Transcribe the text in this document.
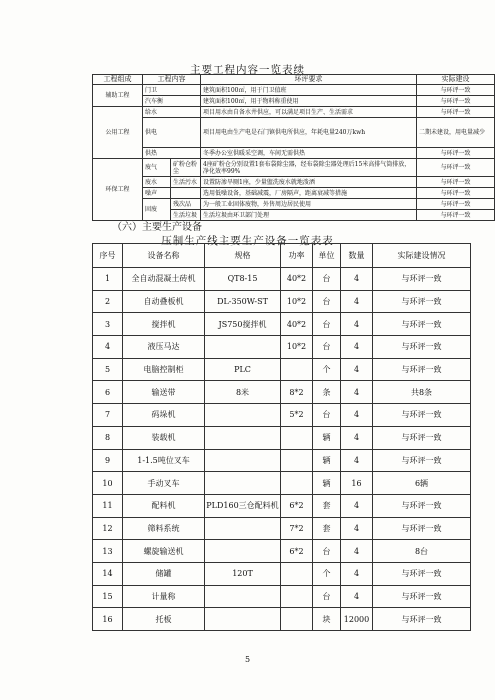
主要工程内容一览表续
工程组成	工程内容		环评要求	实际建设
辅助工程	门卫		建筑面积100㎡，用于门卫值班	与环评一致
	汽车衡		建筑面积100㎡，用于物料称重使用	与环评一致
公用工程	给水		项目用水由自备水井供应，可以满足项目生产、生活需求	与环评一致
	供电		项目用电由生产电是石门镇供电所供应，年耗电量240万kwh	二期未建设，用电量减少
	供热		冬季办公室供暖采空调，车间无需供热	与环评一致
环保工程	废气	矿粉仓粉尘	4座矿粉仓分别设置1套布袋除尘器，经布袋除尘器处理后15米高排气筒排放，净化效率99%	与环评一致
	废水	生活污水	设置防渗旱厕1座，少量盥洗废水就地泼洒	与环评一致
	噪声		选用低噪设备，基础减震，厂房隔声，距离衰减等措施	与环评一致
	固废	残次品	为一般工业固体废物，外售周边居民使用	与环评一致
		生活垃圾	生活垃圾由环卫部门处理	与环评一致
（六）主要生产设备
压制生产线主要生产设备一览表表
序号	设备名称	规格	功率	单位	数量	实际建设情况
1	全自动混凝土砖机	QT8-15	40*2	台	4	与环评一致
2	自动叠板机	DL-350W-ST	10*2	台	4	与环评一致
3	搅拌机	JS750搅拌机	40*2	台	4	与环评一致
4	液压马达		10*2	台	4	与环评一致
5	电脑控制柜	PLC		个	4	与环评一致
6	输送带	8米	8*2	条	4	共8条
7	码垛机		5*2	台	4	与环评一致
8	装载机			辆	4	与环评一致
9	1-1.5吨位叉车			辆	4	与环评一致
10	手动叉车			辆	16	6辆
11	配料机	PLD160三仓配料机	6*2	套	4	与环评一致
12	筛料系统		7*2	套	4	与环评一致
13	螺旋输送机		6*2	台	4	8台
14	储罐	120T		个	4	与环评一致
15	计量称			台	4	与环评一致
16	托板			块	12000	与环评一致
5
